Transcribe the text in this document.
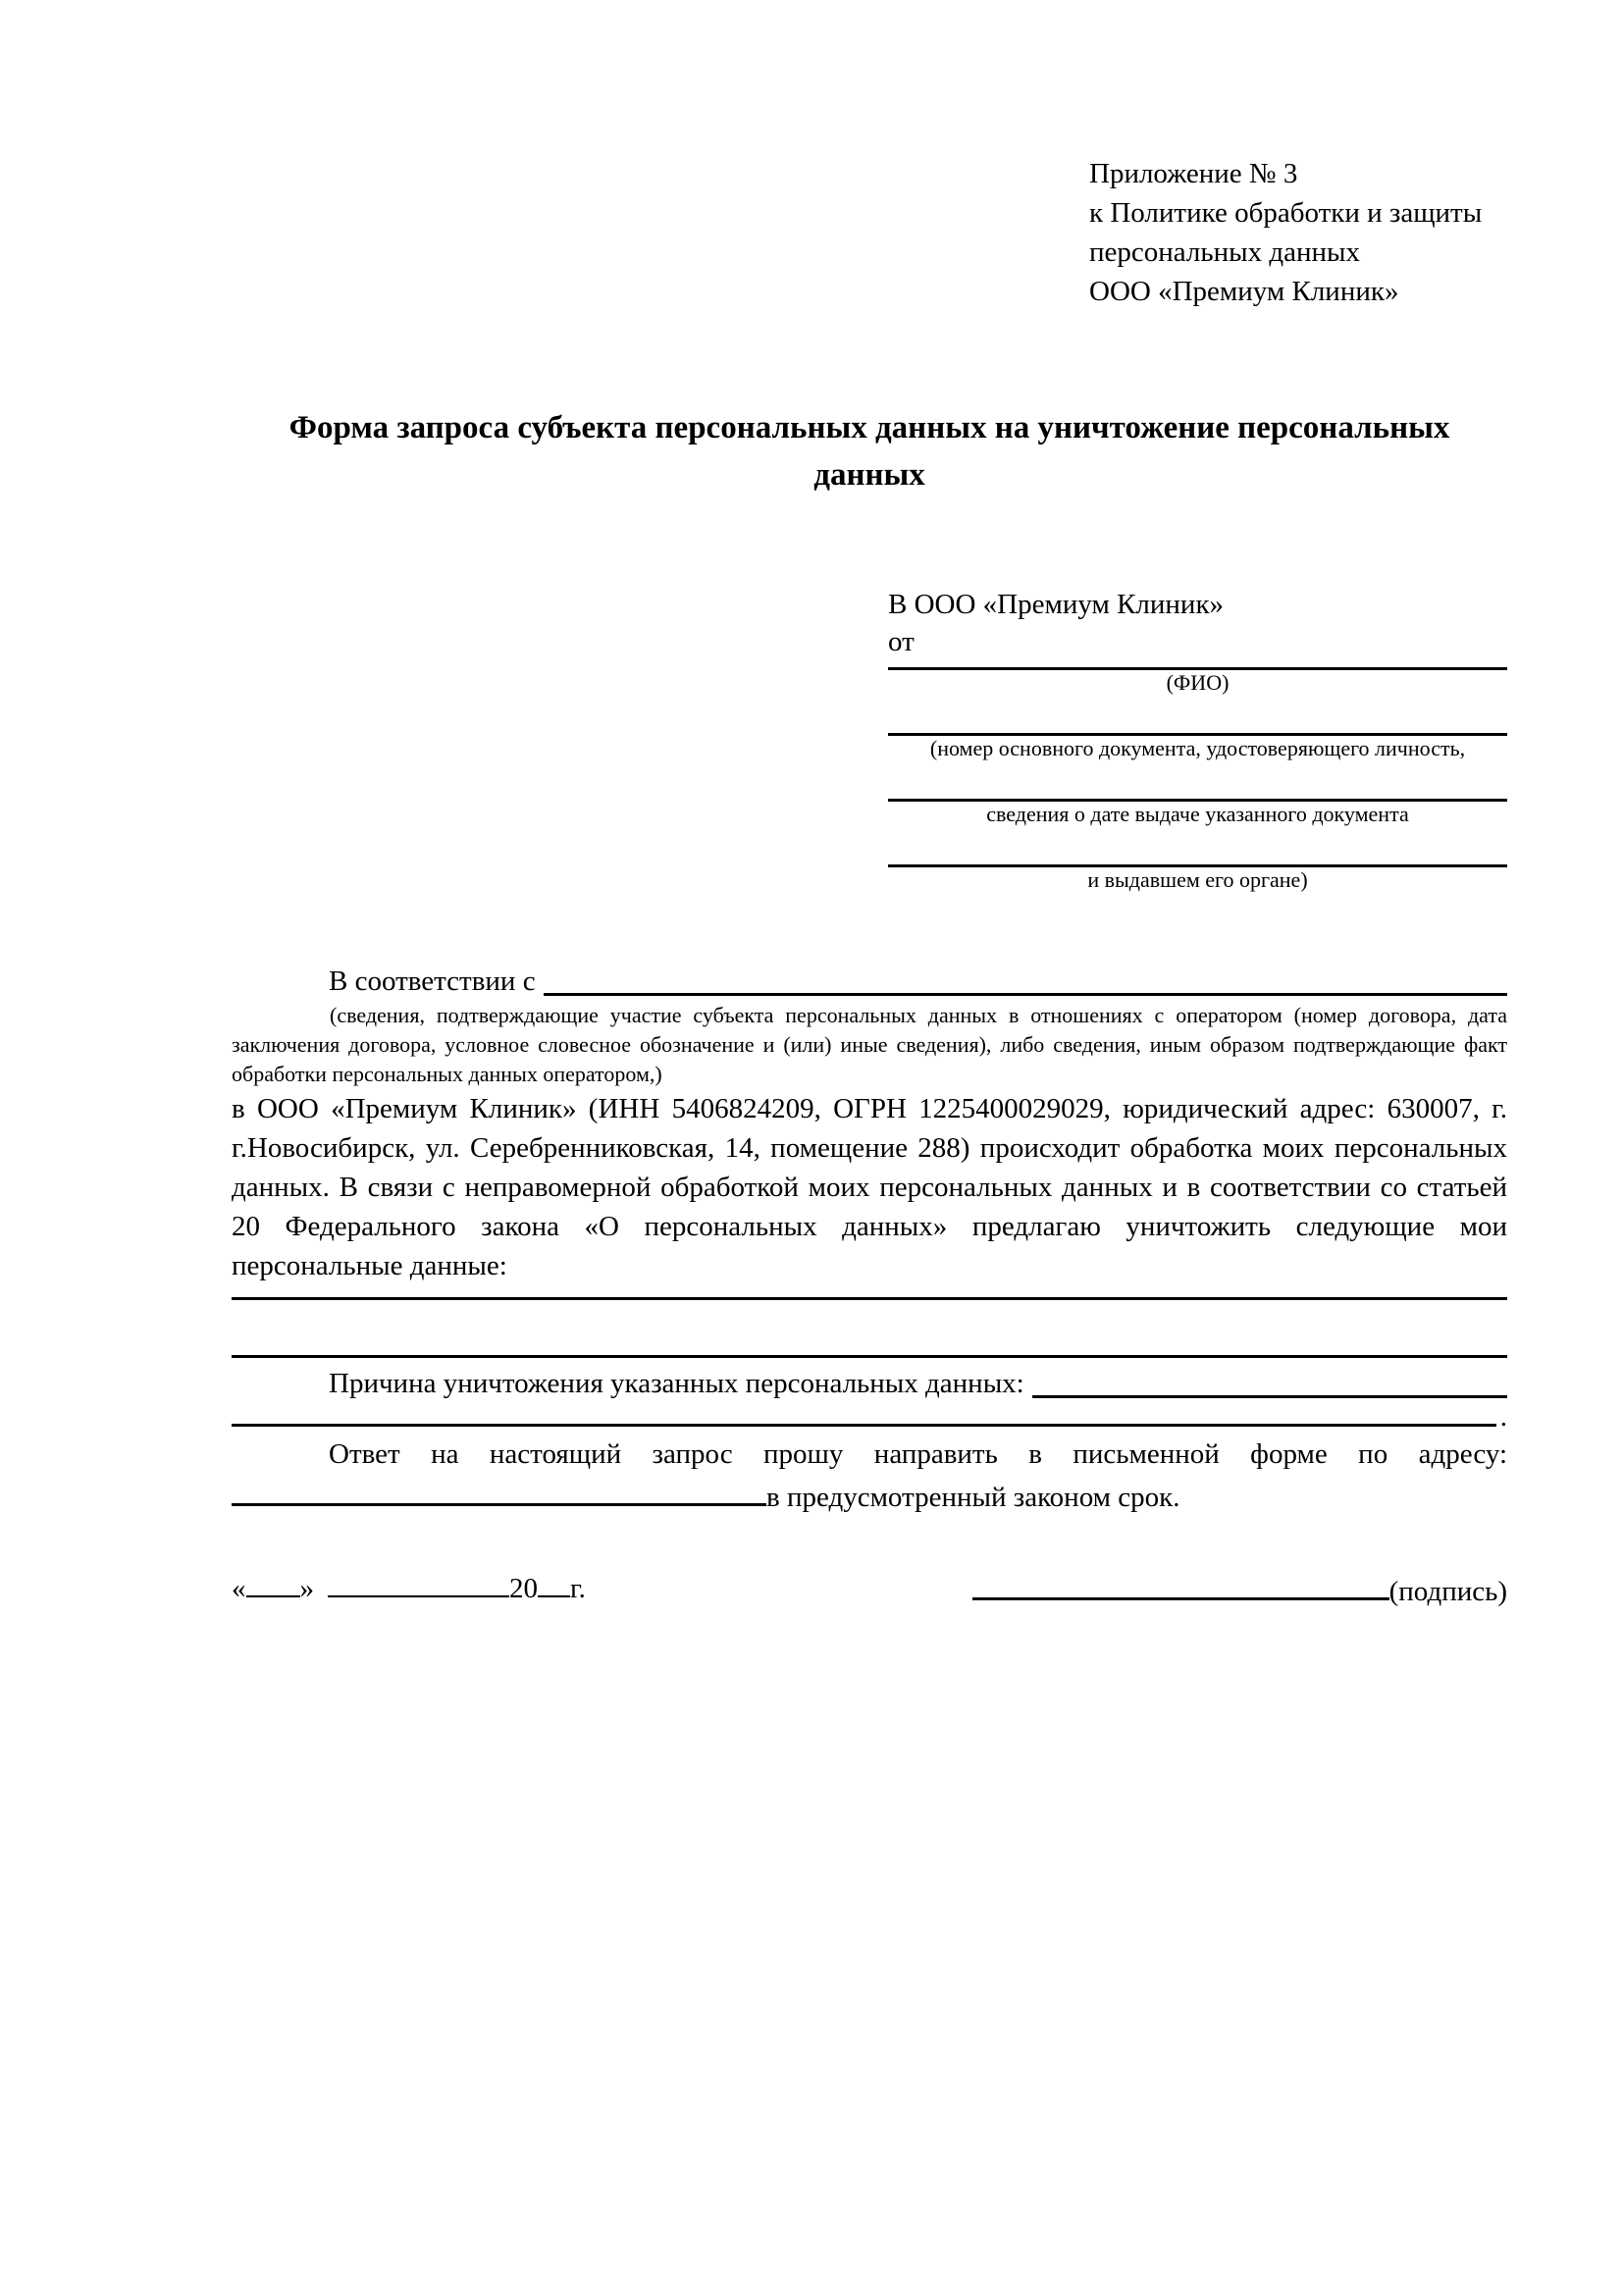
Приложение № 3
к Политике обработки и защиты
персональных данных
ООО «Премиум Клиник»
Форма запроса субъекта персональных данных на уничтожение персональных данных
В ООО «Премиум Клиник»
от
(ФИО)
(номер основного документа, удостоверяющего личность,
сведения о дате выдаче указанного документа
и выдавшем его органе)
В соответствии с

(сведения, подтверждающие участие субъекта персональных данных в отношениях с оператором (номер договора, дата заключения договора, условное словесное обозначение и (или) иные сведения), либо сведения, иным образом подтверждающие факт обработки персональных данных оператором,)

в ООО «Премиум Клиник» (ИНН 5406824209, ОГРН 1225400029029, юридический адрес: 630007, г. г.Новосибирск, ул. Серебренниковская, 14, помещение 288) происходит обработка моих персональных данных. В связи с неправомерной обработкой моих персональных данных и в соответствии со статьей 20 Федерального закона «О персональных данных» предлагаю уничтожить следующие мои персональные данные:

Причина уничтожения указанных персональных данных:
.

Ответ на настоящий запрос прошу направить в письменной форме по адресу:

в предусмотренный законом срок.
« »	20 г.	(подпись)
